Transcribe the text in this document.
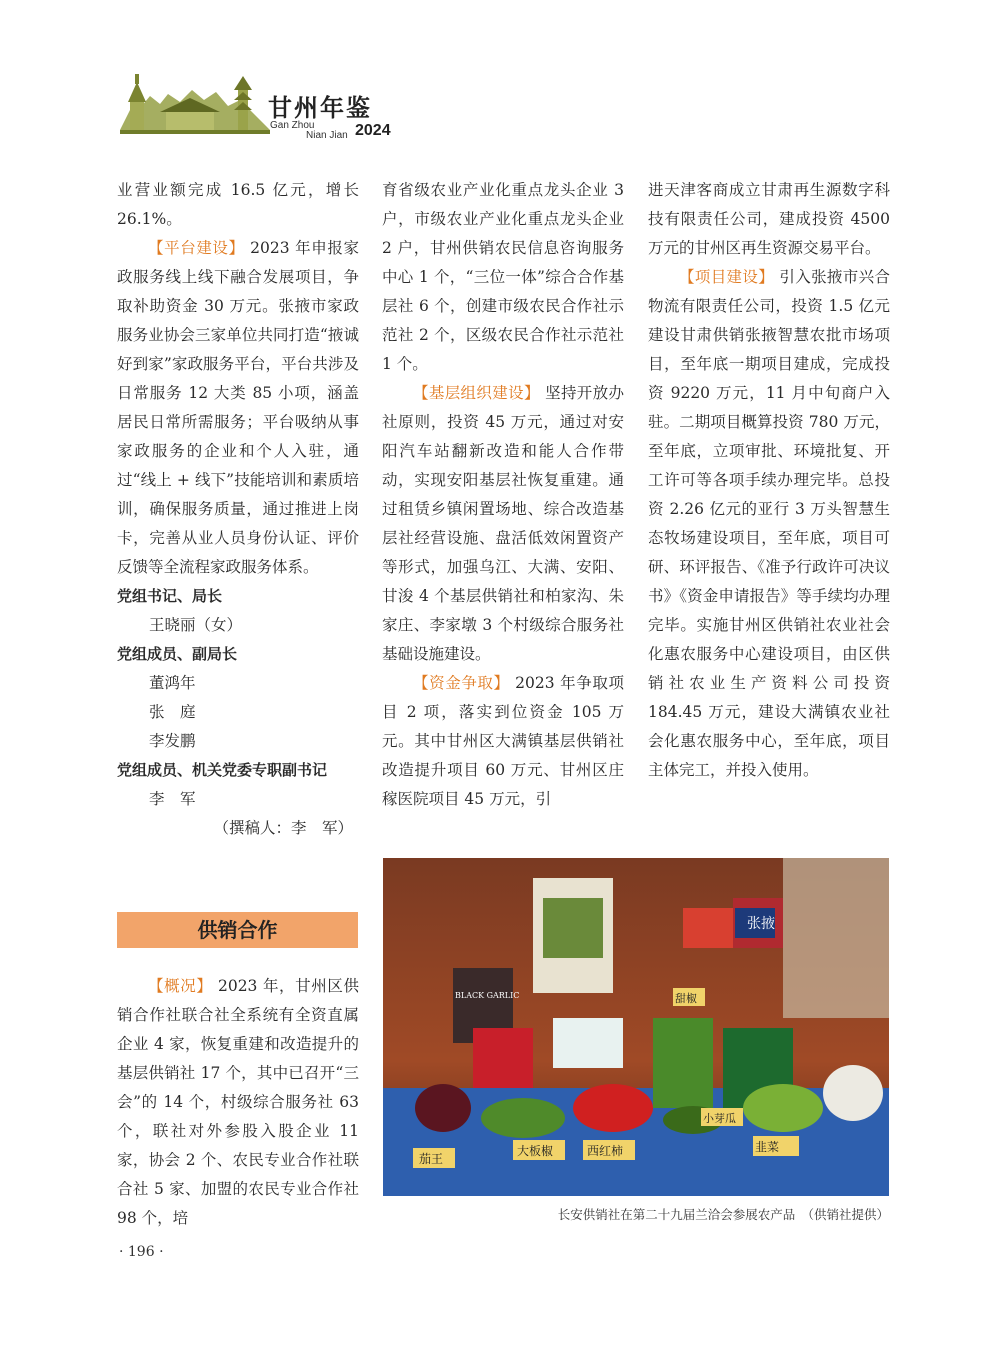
甘州年鉴
Gan Zhou
Nian Jian 2024

业营业额完成 16.5 亿元，增长 26.1%。

【平台建设】 2023 年申报家政服务线上线下融合发展项目，争取补助资金 30 万元。张掖市家政服务业协会三家单位共同打造“掖诚好到家”家政服务平台，平台共涉及日常服务 12 大类 85 小项，涵盖居民日常所需服务；平台吸纳从事家政服务的企业和个人入驻，通过“线上 + 线下”技能培训和素质培训，确保服务质量，通过推进上岗卡，完善从业人员身份认证、评价反馈等全流程家政服务体系。

党组书记、局长

王晓丽（女）

党组成员、副局长

董鸿年

张　庭

李发鹏

党组成员、机关党委专职副书记

李　军

（撰稿人：李　军）

供销合作

【概况】 2023 年，甘州区供销合作社联合社全系统有全资直属企业 4 家，恢复重建和改造提升的基层供销社 17 个，其中已召开“三会”的 14 个，村级综合服务社 63 个，联社对外参股入股企业 11 家，协会 2 个、农民专业合作社联合社 5 家、加盟的农民专业合作社 98 个，培

育省级农业产业化重点龙头企业 3 户，市级农业产业化重点龙头企业 2 户，甘州供销农民信息咨询服务中心 1 个，“三位一体”综合合作基层社 6 个，创建市级农民合作社示范社 2 个，区级农民合作社示范社 1 个。

【基层组织建设】 坚持开放办社原则，投资 45 万元，通过对安阳汽车站翻新改造和能人合作带动，实现安阳基层社恢复重建。通过租赁乡镇闲置场地、综合改造基层社经营设施、盘活低效闲置资产等形式，加强乌江、大满、安阳、甘浚 4 个基层供销社和柏家沟、朱家庄、李家墩 3 个村级综合服务社基础设施建设。

【资金争取】 2023 年争取项目 2 项，落实到位资金 105 万元。其中甘州区大满镇基层供销社改造提升项目 60 万元、甘州区庄稼医院项目 45 万元，引

进天津客商成立甘肃再生源数字科技有限责任公司，建成投资 4500 万元的甘州区再生资源交易平台。

【项目建设】 引入张掖市兴合物流有限责任公司，投资 1.5 亿元建设甘肃供销张掖智慧农批市场项目，至年底一期项目建成，完成投资 9220 万元，11 月中旬商户入驻。二期项目概算投资 780 万元，至年底，立项审批、环境批复、开工许可等各项手续办理完毕。总投资 2.26 亿元的亚行 3 万头智慧生态牧场建设项目，至年底，项目可研、环评报告、《准予行政许可决议书》《资金申请报告》等手续均办理完毕。实施甘州区供销社农业社会化惠农服务中心建设项目，由区供销社农业生产资料公司投资 184.45 万元，建设大满镇农业社会化惠农服务中心，至年底，项目主体完工，并投入使用。

张掖
BLACK GARLIC
茄王
大板椒	西红柿	韭菜
小芽瓜
甜椒
长安供销社在第二十九届兰洽会参展农产品　（供销社提供）
· 196 ·
